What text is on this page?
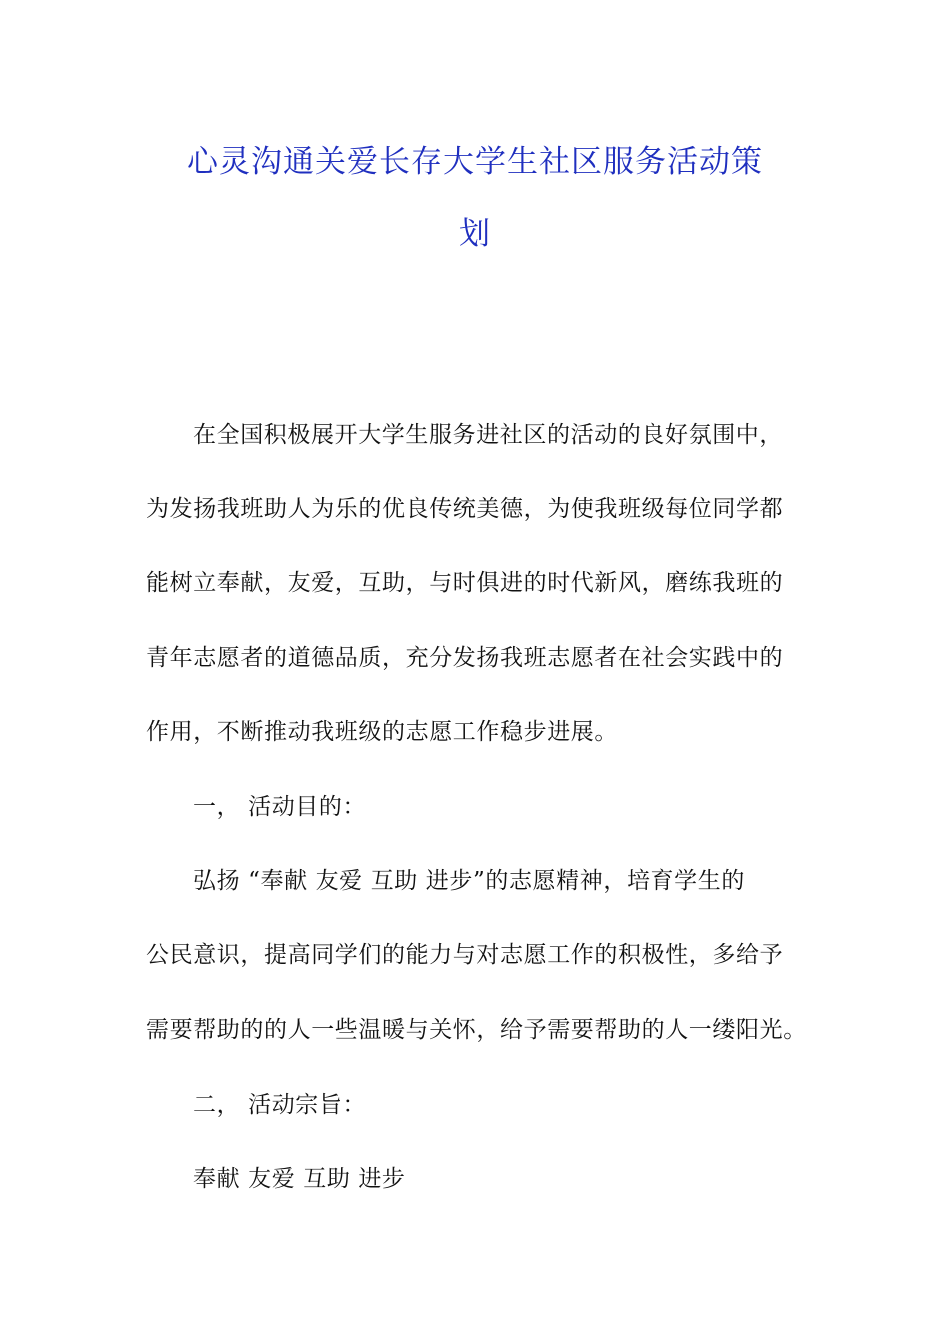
心灵沟通关爱长存大学生社区服务活动策
划
在全国积极展开大学生服务进社区的活动的良好氛围中，
为发扬我班助人为乐的优良传统美德，为使我班级每位同学都
能树立奉献，友爱，互助，与时俱进的时代新风，磨练我班的
青年志愿者的道德品质，充分发扬我班志愿者在社会实践中的
作用，不断推动我班级的志愿工作稳步进展。
一， 活动目的：
弘扬 “奉献 友爱 互助 进步”的志愿精神，培育学生的
公民意识，提高同学们的能力与对志愿工作的积极性，多给予
需要帮助的的人一些温暖与关怀，给予需要帮助的人一缕阳光。
二， 活动宗旨：
奉献 友爱 互助 进步
